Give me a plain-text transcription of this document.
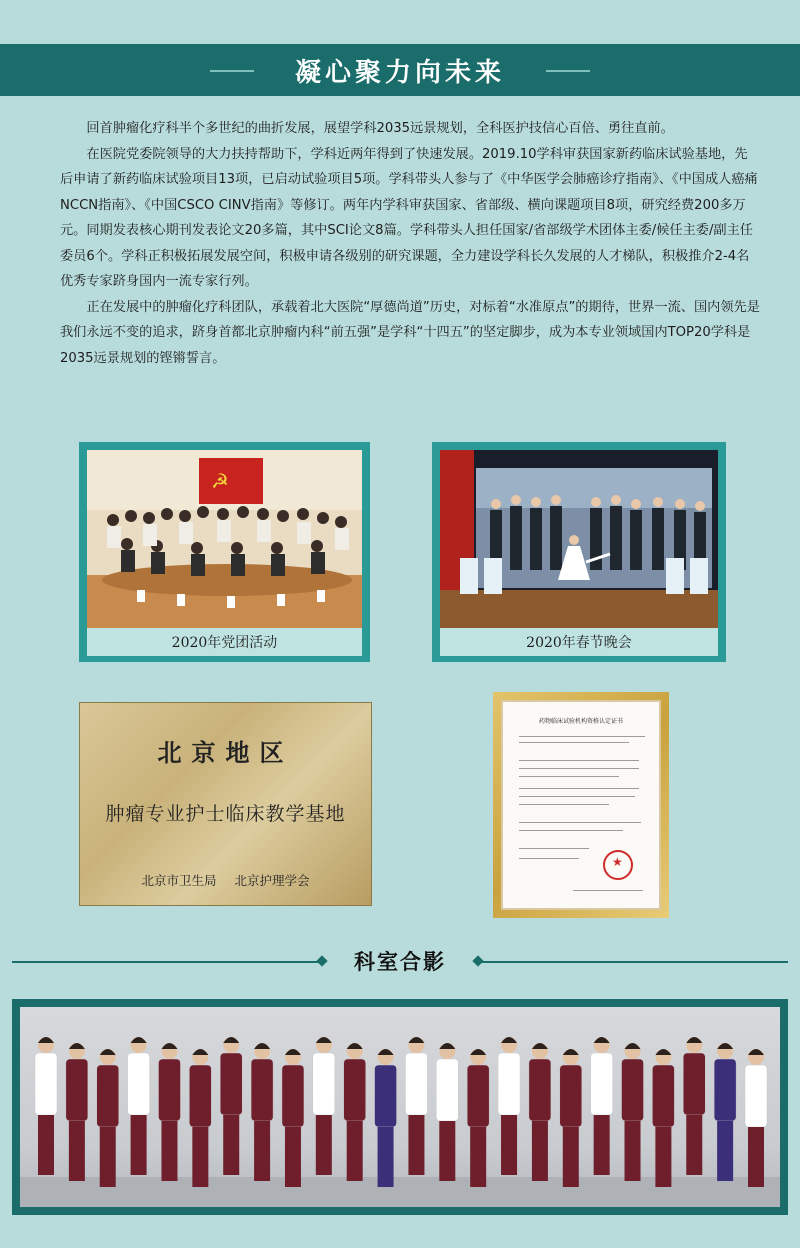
凝心聚力向未来

回首肿瘤化疗科半个多世纪的曲折发展，展望学科2035远景规划，全科医护技信心百倍、勇往直前。

在医院党委院领导的大力扶持帮助下，学科近两年得到了快速发展。2019.10学科审获国家新药临床试验基地，先后申请了新药临床试验项目13项，已启动试验项目5项。学科带头人参与了《中华医学会肺癌诊疗指南》、《中国成人癌痛NCCN指南》、《中国CSCO CINV指南》等修订。两年内学科审获国家、省部级、横向课题项目8项，研究经费200多万元。同期发表核心期刊发表论文20多篇，其中SCI论文8篇。学科带头人担任国家/省部级学术团体主委/候任主委/副主任委员6个。学科正积极拓展发展空间，积极申请各级别的研究课题，全力建设学科长久发展的人才梯队，积极推介2-4名优秀专家跻身国内一流专家行列。

正在发展中的肿瘤化疗科团队，承载着北大医院“厚德尚道”历史，对标着“水准原点”的期待，世界一流、国内领先是我们永远不变的追求，跻身首都北京肿瘤内科“前五强”是学科“十四五”的坚定脚步，成为本专业领域国内TOP20学科是2035远景规划的铿锵誓言。

☭
2020年党团活动	2020年春节晚会
北京地区
肿瘤专业护士临床教学基地
北京市卫生局 北京护理学会
药物临床试验机构资格认定证书
★
科室合影
